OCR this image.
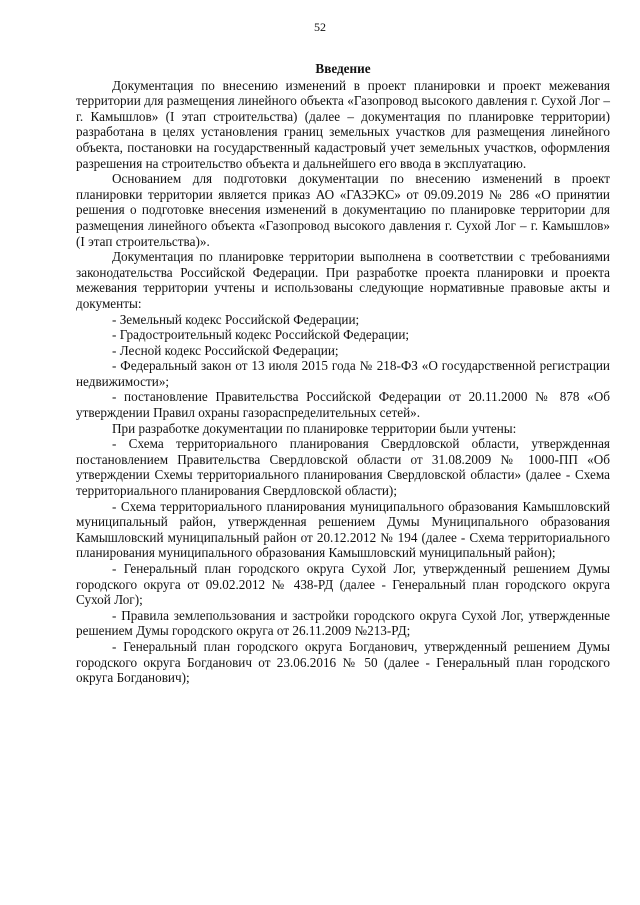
52
Введение

Документация по внесению изменений в проект планировки и проект межевания территории для размещения линейного объекта «Газопровод высокого давления г. Сухой Лог – г. Камышлов» (I этап строительства) (далее – документация по планировке территории) разработана в целях установления границ земельных участков для размещения линейного объекта, постановки на государственный кадастровый учет земельных участков, оформления разрешения на строительство объекта и дальнейшего его ввода в эксплуатацию.

Основанием для подготовки документации по внесению изменений в проект планировки территории является приказ АО «ГАЗЭКС» от 09.09.2019 № 286 «О принятии решения о подготовке внесения изменений в документацию по планировке территории для размещения линейного объекта «Газопровод высокого давления г. Сухой Лог – г. Камышлов» (I этап строительства)».

Документация по планировке территории выполнена в соответствии с требованиями законодательства Российской Федерации. При разработке проекта планировки и проекта межевания территории учтены и использованы следующие нормативные правовые акты и документы:

- Земельный кодекс Российской Федерации;

- Градостроительный кодекс Российской Федерации;

- Лесной кодекс Российской Федерации;

- Федеральный закон от 13 июля 2015 года № 218-ФЗ «О государственной регистрации недвижимости»;

- постановление Правительства Российской Федерации от 20.11.2000 № 878 «Об утверждении Правил охраны газораспределительных сетей».

При разработке документации по планировке территории были учтены:

- Схема территориального планирования Свердловской области, утвержденная постановлением Правительства Свердловской области от 31.08.2009 № 1000-ПП «Об утверждении Схемы территориального планирования Свердловской области» (далее - Схема территориального планирования Свердловской области);

- Схема территориального планирования муниципального образования Камышловский муниципальный район, утвержденная решением Думы Муниципального образования Камышловский муниципальный район от 20.12.2012 № 194 (далее - Схема территориального планирования муниципального образования Камышловский муниципальный район);

- Генеральный план городского округа Сухой Лог, утвержденный решением Думы городского округа от 09.02.2012 № 438-РД (далее - Генеральный план городского округа Сухой Лог);

- Правила землепользования и застройки городского округа Сухой Лог, утвержденные решением Думы городского округа от 26.11.2009 №213-РД;

- Генеральный план городского округа Богданович, утвержденный решением Думы городского округа Богданович от 23.06.2016 № 50 (далее - Генеральный план городского округа Богданович);
